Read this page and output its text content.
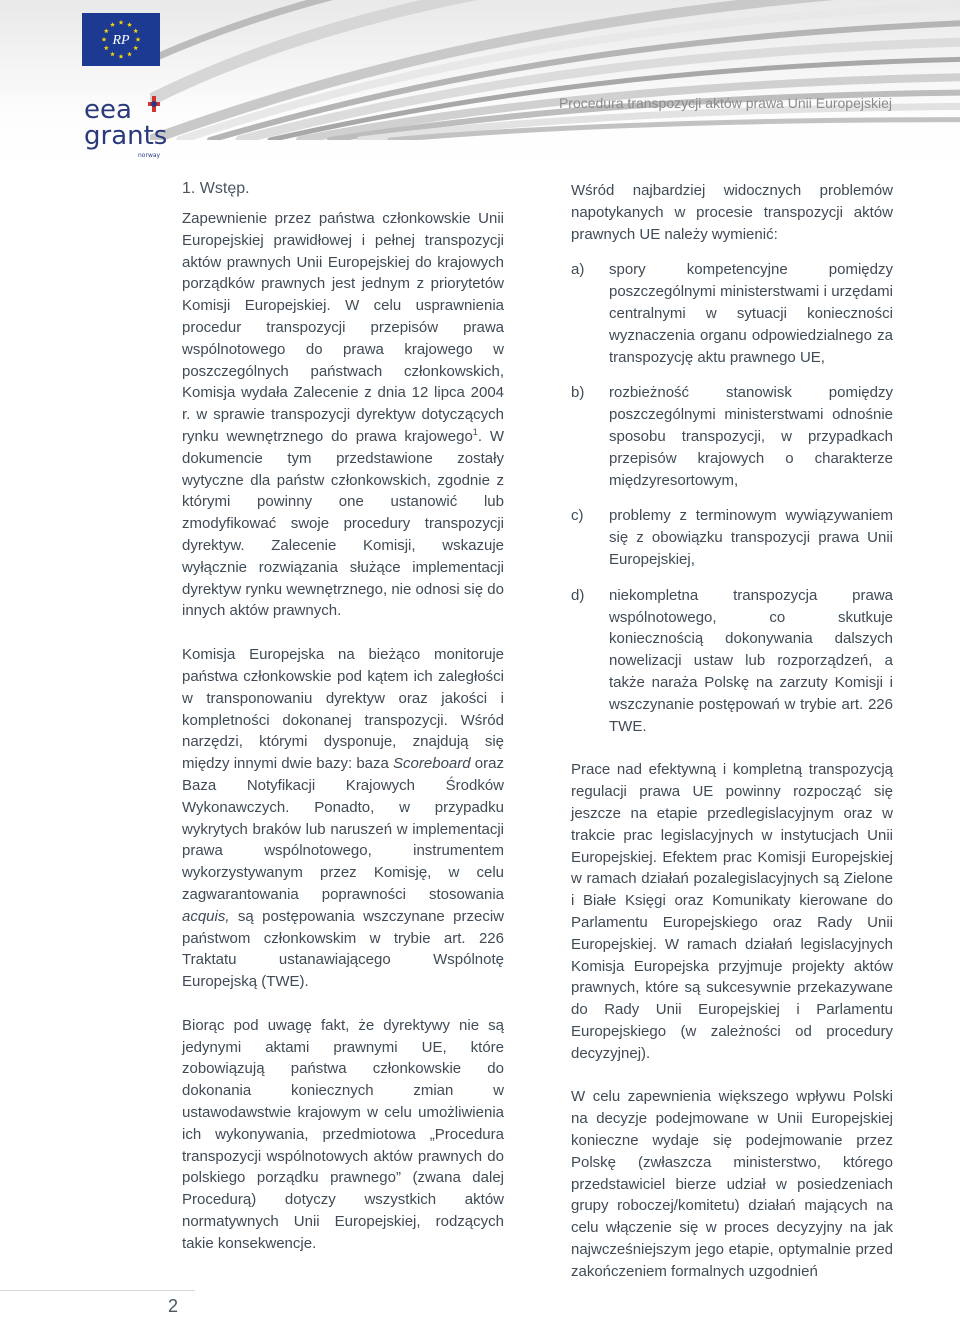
RP
eea
grants
norway
Procedura transpozycji aktów prawa Unii Europejskiej
1. Wstęp.

Zapewnienie przez państwa członkowskie Unii Europejskiej prawidłowej i pełnej transpozycji aktów prawnych Unii Europejskiej do krajowych porządków prawnych jest jednym z priorytetów Komisji Europejskiej. W celu usprawnienia procedur transpozycji przepisów prawa wspólnotowego do prawa krajowego w poszczególnych państwach członkowskich, Komisja wydała Zalecenie z dnia 12 lipca 2004 r. w sprawie transpozycji dyrektyw dotyczących rynku wewnętrznego do prawa krajowego$^1$. W dokumencie tym przedstawione zostały wytyczne dla państw członkowskich, zgodnie z którymi powinny one ustanowić lub zmodyfikować swoje procedury transpozycji dyrektyw. Zalecenie Komisji, wskazuje wyłącznie rozwiązania służące implementacji dyrektyw rynku wewnętrznego, nie odnosi się do innych aktów prawnych.

Komisja Europejska na bieżąco monitoruje państwa członkowskie pod kątem ich zaległości w transponowaniu dyrektyw oraz jakości i kompletności dokonanej transpozycji. Wśród narzędzi, którymi dysponuje, znajdują się między innymi dwie bazy: baza Scoreboard oraz Baza Notyfikacji Krajowych Środków Wykonawczych. Ponadto, w przypadku wykrytych braków lub naruszeń w implementacji prawa wspólnotowego, instrumentem wykorzystywanym przez Komisję, w celu zagwarantowania poprawności stosowania acquis, są postępowania wszczynane przeciw państwom członkowskim w trybie art. 226 Traktatu ustanawiającego Wspólnotę Europejską (TWE).

Biorąc pod uwagę fakt, że dyrektywy nie są jedynymi aktami prawnymi UE, które zobowiązują państwa członkowskie do dokonania koniecznych zmian w ustawodawstwie krajowym w celu umożliwienia ich wykonywania, przedmiotowa „Procedura transpozycji wspólnotowych aktów prawnych do polskiego porządku prawnego” (zwana dalej Procedurą) dotyczy wszystkich aktów normatywnych Unii Europejskiej, rodzących takie konsekwencje.

Wśród najbardziej widocznych problemów napotykanych w procesie transpozycji aktów prawnych UE należy wymienić:

a) spory kompetencyjne pomiędzy poszczególnymi ministerstwami i urzędami centralnymi w sytuacji konieczności wyznaczenia organu odpowiedzialnego za transpozycję aktu prawnego UE,
b) rozbieżność stanowisk pomiędzy poszczególnymi ministerstwami odnośnie sposobu transpozycji, w przypadkach przepisów krajowych o charakterze międzyresortowym,
c) problemy z terminowym wywiązywaniem się z obowiązku transpozycji prawa Unii Europejskiej,
d) niekompletna transpozycja prawa wspólnotowego, co skutkuje koniecznością dokonywania dalszych nowelizacji ustaw lub rozporządzeń, a także naraża Polskę na zarzuty Komisji i wszczynanie postępowań w trybie art. 226 TWE.

Prace nad efektywną i kompletną transpozycją regulacji prawa UE powinny rozpocząć się jeszcze na etapie przedlegislacyjnym oraz w trakcie prac legislacyjnych w instytucjach Unii Europejskiej. Efektem prac Komisji Europejskiej w ramach działań pozalegislacyjnych są Zielone i Białe Księgi oraz Komunikaty kierowane do Parlamentu Europejskiego oraz Rady Unii Europejskiej. W ramach działań legislacyjnych Komisja Europejska przyjmuje projekty aktów prawnych, które są sukcesywnie przekazywane do Rady Unii Europejskiej i Parlamentu Europejskiego (w zależności od procedury decyzyjnej).

W celu zapewnienia większego wpływu Polski na decyzje podejmowane w Unii Europejskiej konieczne wydaje się podejmowanie przez Polskę (zwłaszcza ministerstwo, którego przedstawiciel bierze udział w posiedzeniach grupy roboczej/komitetu) działań mających na celu włączenie się w proces decyzyjny na jak najwcześniejszym jego etapie, optymalnie przed zakończeniem formalnych uzgodnień

2
